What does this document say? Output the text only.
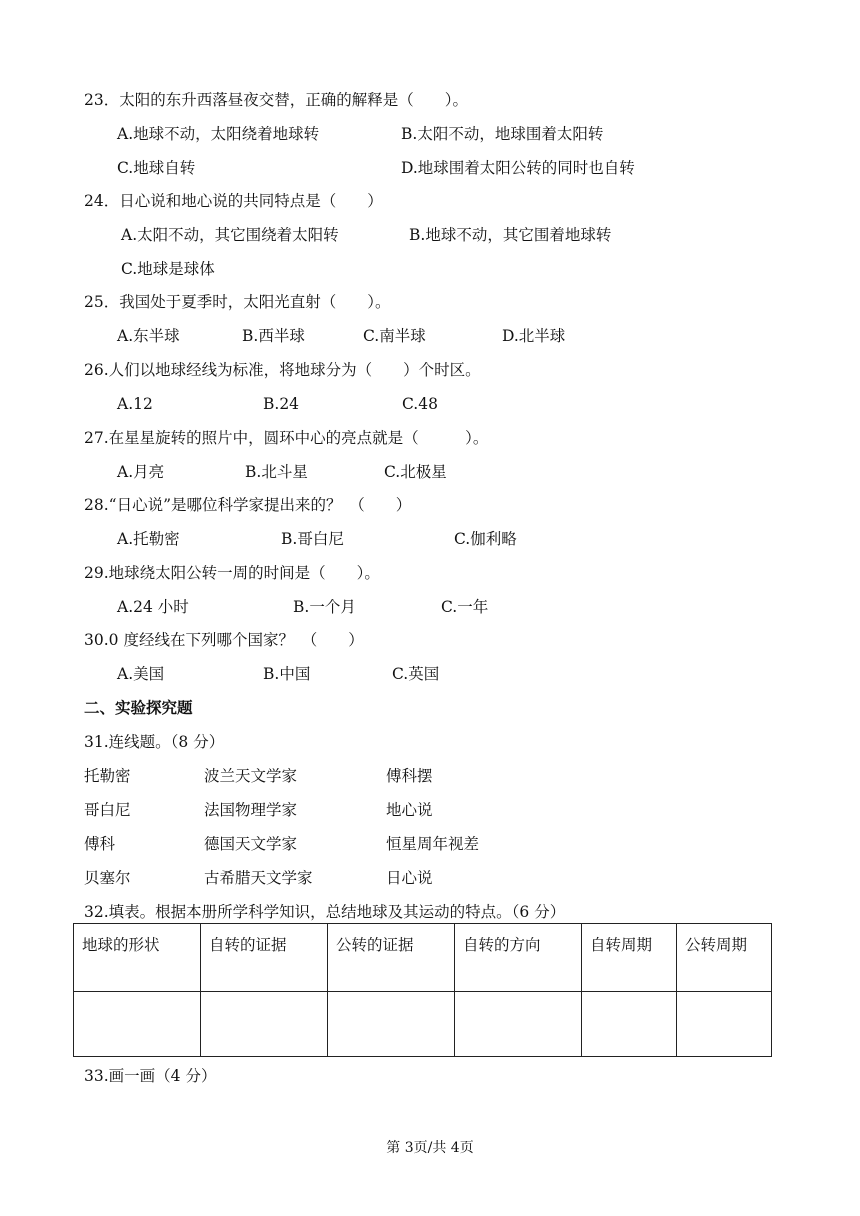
23．太阳的东升西落昼夜交替，正确的解释是（　　）。
A.地球不动，太阳绕着地球转	B.太阳不动，地球围着太阳转
C.地球自转	D.地球围着太阳公转的同时也自转
24．日心说和地心说的共同特点是（　　）
A.太阳不动，其它围绕着太阳转	B.地球不动，其它围着地球转
C.地球是球体
25．我国处于夏季时，太阳光直射（　　）。
A.东半球	B.西半球	C.南半球	D.北半球
26.人们以地球经线为标准，将地球分为（　　）个时区。
A.12	B.24	C.48
27.在星星旋转的照片中，圆环中心的亮点就是（　　　）。
A.月亮	B.北斗星	C.北极星
28.“日心说”是哪位科学家提出来的？　（　　）
A.托勒密	B.哥白尼	C.伽利略
29.地球绕太阳公转一周的时间是（　　）。
A.24 小时	B.一个月	C.一年
30.0 度经线在下列哪个国家？　（　　）
A.美国	B.中国	C.英国
二、实验探究题
31.连线题。（8 分）
托勒密	波兰天文学家	傅科摆
哥白尼	法国物理学家	地心说
傅科	德国天文学家	恒星周年视差
贝塞尔	古希腊天文学家	日心说
32.填表。根据本册所学科学知识，总结地球及其运动的特点。（6 分）
地球的形状	自转的证据	公转的证据	自转的方向	自转周期	公转周期

33.画一画（4 分）
第 3页/共 4页
